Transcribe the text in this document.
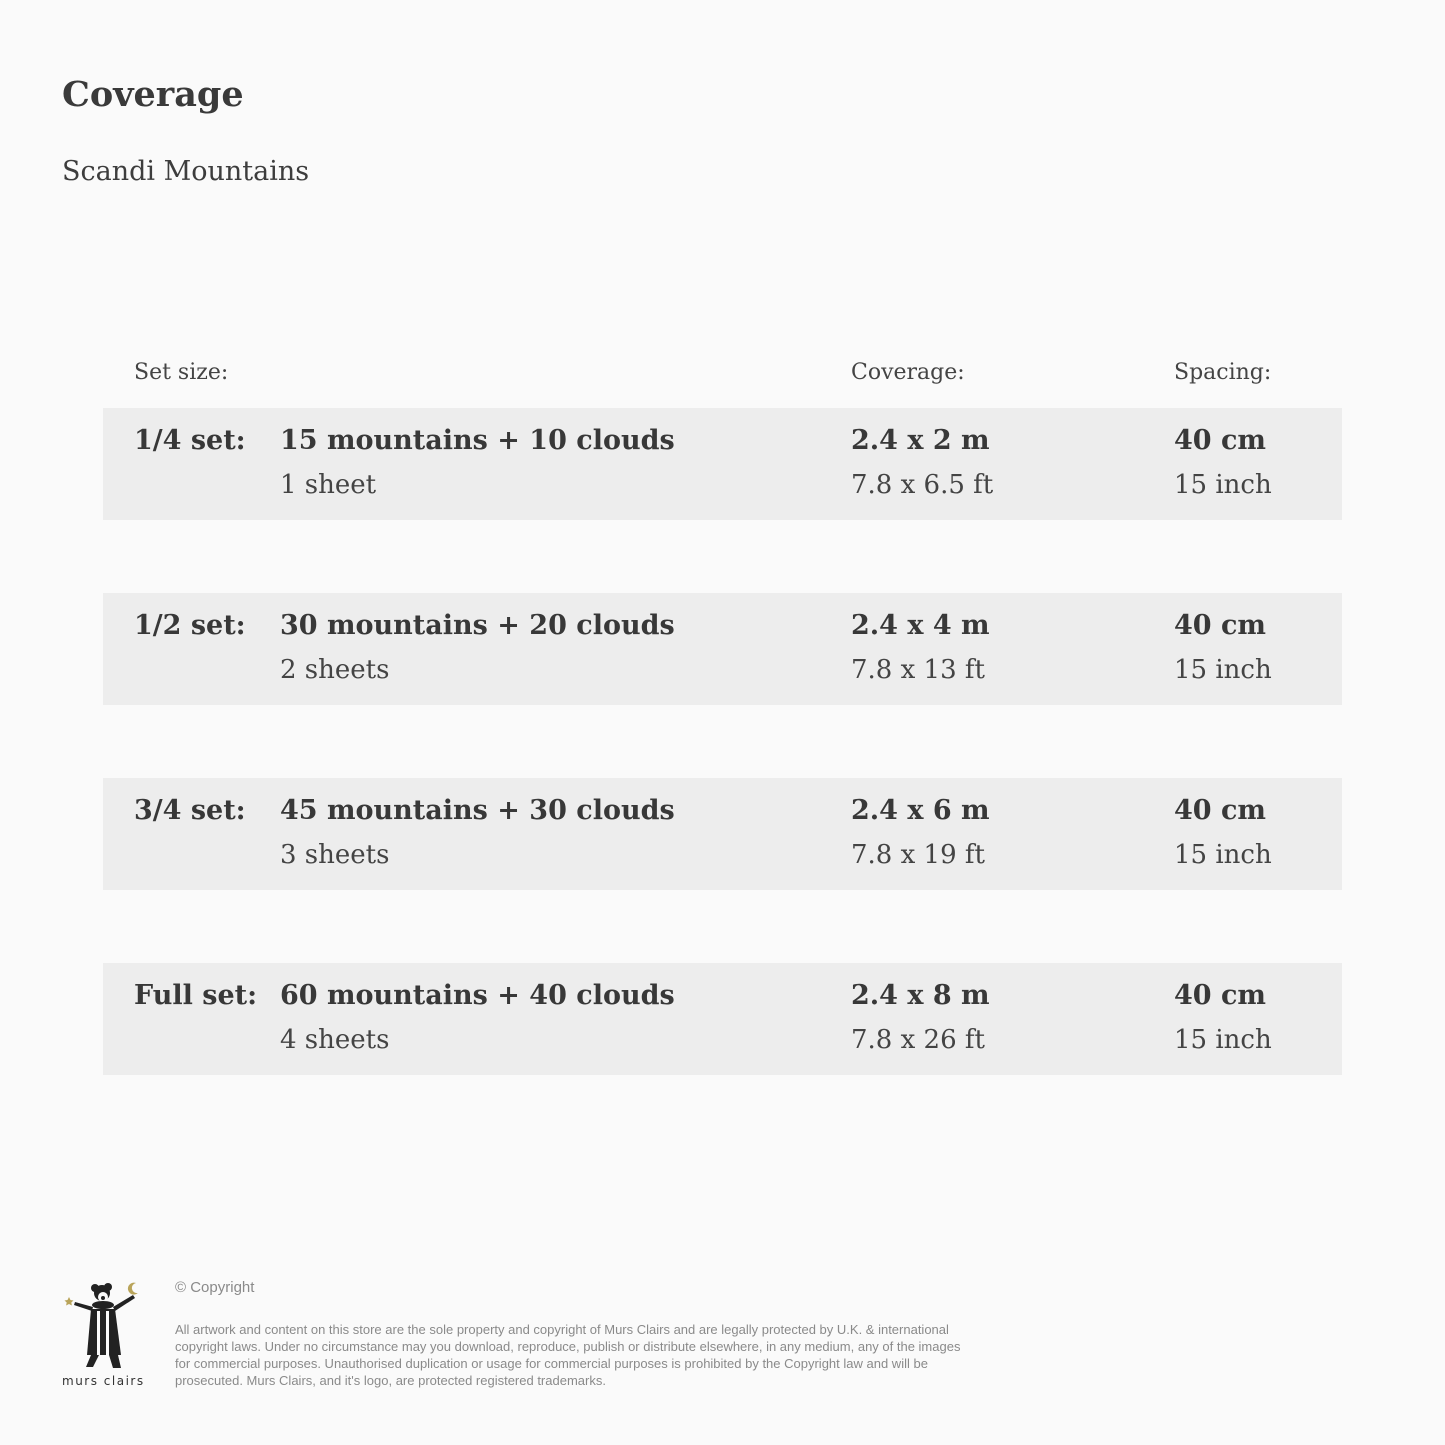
Coverage
Scandi Mountains
Set size:	Coverage:	Spacing:
1/4 set: 15 mountains + 10 clouds
1 sheet
2.4 x 2 m
7.8 x 6.5 ft
40 cm
15 inch
1/2 set: 30 mountains + 20 clouds
2 sheets
2.4 x 4 m
7.8 x 13 ft
40 cm
15 inch
3/4 set: 45 mountains + 30 clouds
3 sheets
2.4 x 6 m
7.8 x 19 ft
40 cm
15 inch
Full set: 60 mountains + 40 clouds
4 sheets
2.4 x 8 m
7.8 x 26 ft
40 cm
15 inch
murs clairs
© Copyright
All artwork and content on this store are the sole property and copyright of Murs Clairs and are legally protected by U.K. & international copyright laws. Under no circumstance may you download, reproduce, publish or distribute elsewhere, in any medium, any of the images for commercial purposes. Unauthorised duplication or usage for commercial purposes is prohibited by the Copyright law and will be prosecuted. Murs Clairs, and it's logo, are protected registered trademarks.
